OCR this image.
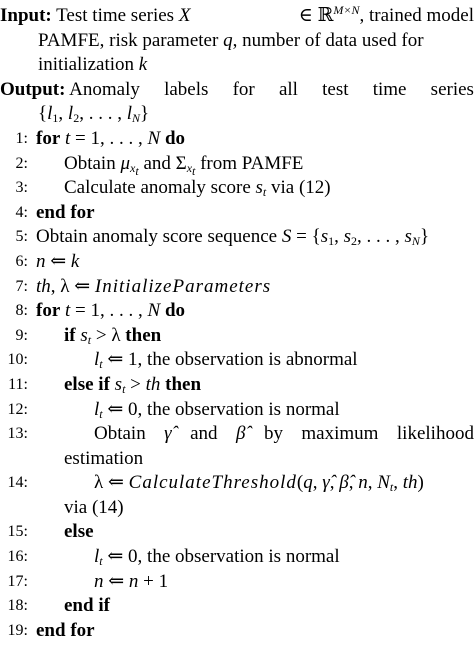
Input: Test time series X	∈ ℝ$^{M\times N}$, trained model
PAMFE, risk parameter q, number of data used for
initialization k
Output: Anomaly labels for all test time series
{$l_1$, $l_2$, . . . , $l_N$}
1: for t = 1, . . . , N do
2: Obtain $\mu_{x_t}$ and $\Sigma_{x_t}$ from PAMFE
3: Calculate anomaly score $s_t$ via (12)
4: end for
5: Obtain anomaly score sequence $S = \{s_1$, $s_2$, . . . , $s_N$}
6: n ⇐ k
7: th, λ ⇐ InitializeParameters
8: for t = 1, . . . , N do
9: if $s_t > \lambda$ then
10:	$l_t$ ⇐ 1, the observation is abnormal
11: else if $s_t$ > th then
12:	$l_t$ ⇐ 0, the observation is normal
13:	Obtain γ̂ and β̂ by maximum likelihood
estimation
14:	λ ⇐ CalculateThreshold(q, γ̂, β̂, n, $N_t$, th)
via (14)
15: else
16:	$l_t$ ⇐ 0, the observation is normal
17:	n ⇐ n + 1
18: end if
19: end for
